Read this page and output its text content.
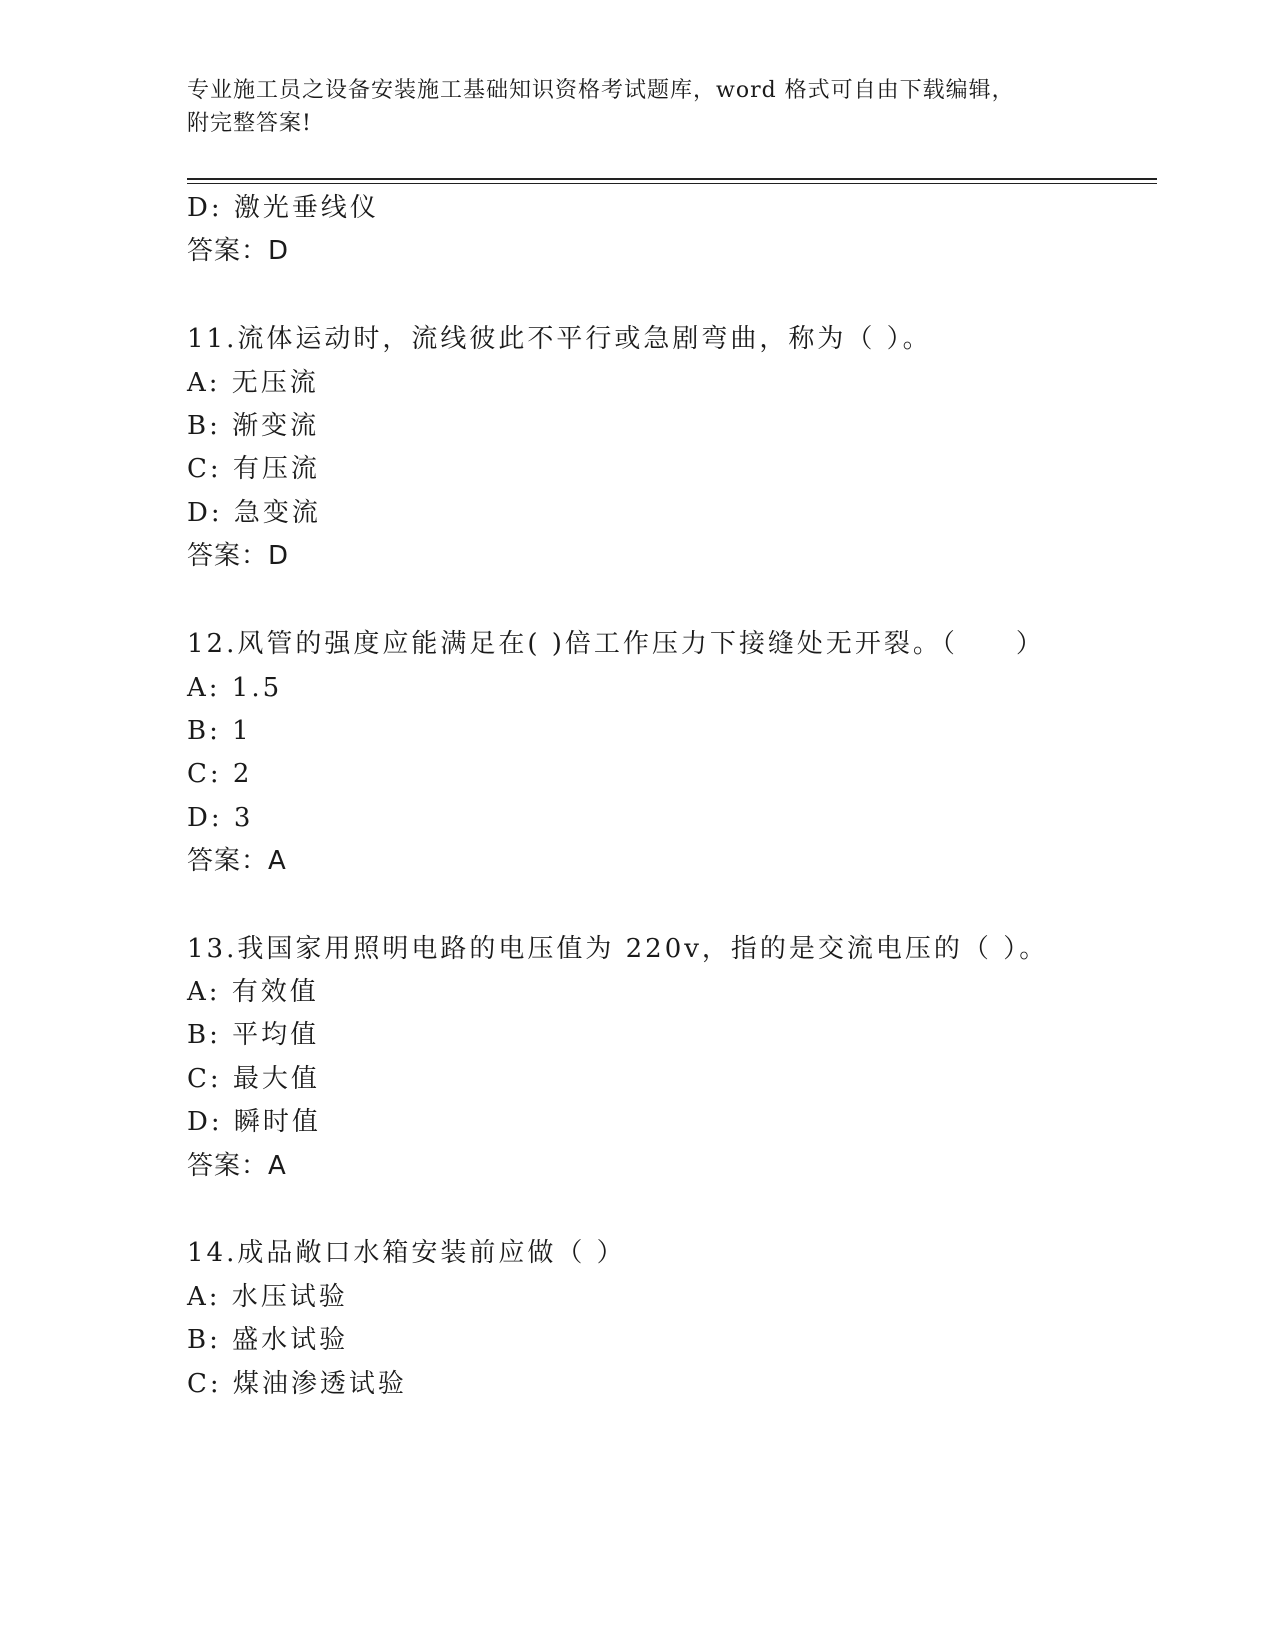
专业施工员之设备安装施工基础知识资格考试题库，word 格式可自由下载编辑，
附完整答案!
D: 激光垂线仪
答案：D
11.流体运动时，流线彼此不平行或急剧弯曲，称为（ ）。
A: 无压流
B: 渐变流
C: 有压流
D: 急变流
答案：D
12.风管的强度应能满足在( )倍工作压力下接缝处无开裂。（　　）
A: 1.5
B: 1
C: 2
D: 3
答案：A
13.我国家用照明电路的电压值为 220v，指的是交流电压的（ ）。
A: 有效值
B: 平均值
C: 最大值
D: 瞬时值
答案：A
14.成品敞口水箱安装前应做（ ）
A: 水压试验
B: 盛水试验
C: 煤油渗透试验
